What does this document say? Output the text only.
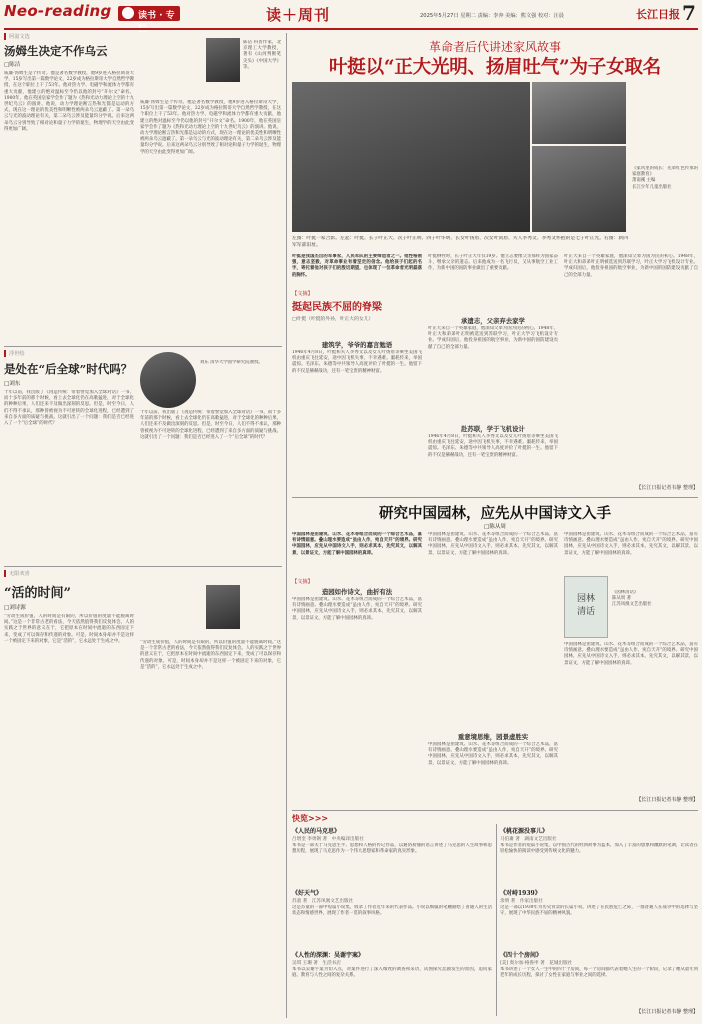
Neo-reading	读书 · 专	读＋周刊	2025年5月27日 星期二 责编：李奔 美编：熊文强 校对：汪晨	长江日报 7
阿滋文选
汤姆生决定不作乌云
□陈洁
威廉·汤姆生是个传奇。他是著名数学教授，他9岁进入格拉斯哥大学，15岁写出第一篇数学论文，22岁成为格拉斯哥大学自然哲学教授，在这个职位上干了53年。他对热力学、电磁学和流体力学都有重大贡献，他建立的绝对温标至今仍以他的封号“开尔文”命名。1900年，他在英国皇家学会作了题为《热和光动力理论上空的十九世纪乌云》的演讲。他说，动力学理论断言热和光都是运动的方式，现在这一理论的优美性和明晰性被两朵乌云遮蔽了。第一朵乌云与光的波动理论有关，第二朵乌云涉及能量均分学说。后来这两朵乌云分别导致了相对论和量子力学的诞生，物理学的天空由此变得更加广阔。
陈洁 科普作家，北京理工大学教授，著有《山河判断笔尖头》《中国大学》等。
威廉·汤姆生是个传奇。他是著名数学教授，他9岁进入格拉斯哥大学，15岁写出第一篇数学论文，22岁成为格拉斯哥大学自然哲学教授，在这个职位上干了53年。他对热力学、电磁学和流体力学都有重大贡献，他建立的绝对温标至今仍以他的封号“开尔文”命名。1900年，他在英国皇家学会作了题为《热和光动力理论上空的十九世纪乌云》的演讲。他说，动力学理论断言热和光都是运动的方式，现在这一理论的优美性和明晰性被两朵乌云遮蔽了。第一朵乌云与光的波动理论有关，第二朵乌云涉及能量均分学说。后来这两朵乌云分别导致了相对论和量子力学的诞生，物理学的天空由此变得更加广阔。
浮世绘
是处在“后全球”时代吗？
□刘东
十年以前，我出版了《再造传统：带着警觉加入全球对话》一书，而十多年前的那个时候，看上去全球化仍在高歌猛进，对于全球化的种种后果，人们还来不及做出深刻的反思。但是，时至今日，人们不得不承认，那种曾被视为不可逆转的全球化进程，已经遭到了来自多方面的质疑与挑战。这就引出了一个问题：我们是否已经进入了一个“后全球”的时代？
刘东 清华大学国学研究院教授。
十年以前，我出版了《再造传统：带着警觉加入全球对话》一书，而十多年前的那个时候，看上去全球化仍在高歌猛进，对于全球化的种种后果，人们还来不及做出深刻的反思。但是，时至今日，人们不得不承认，那种曾被视为不可逆转的全球化进程，已经遭到了来自多方面的质疑与挑战。这就引出了一个问题：我们是否已经进入了一个“后全球”的时代？
无限欢喜
“活的时间”
□刘诗源
“劳动生成价值，人的时间是有限的，所以价值的度量不能脱离时间。”这是一个非常古老的看法，今天依然值得我们反复体会。人的实践之于世界的意义在于，它把原本在时间中流逝的东西固定下来，变成了可以保存和传递的对象。可是，时间本身却并不是这样一个被固定下来的对象，它是“活的”，它永远处于生成之中。	“劳动生成价值，人的时间是有限的，所以价值的度量不能脱离时间。”这是一个非常古老的看法，今天依然值得我们反复体会。人的实践之于世界的意义在于，它把原本在时间中流逝的东西固定下来，变成了可以保存和传递的对象。可是，时间本身却并不是这样一个被固定下来的对象，它是“活的”，它永远处于生成之中。
革命者后代讲述家风故事
叶挺以“正大光明、扬眉吐气”为子女取名
《家风里的成长：先辈红色传承的家庭教育》
萧南溪 主编
长江少年儿童出版社
左图：叶挺一家合影。左起：叶挺、长子叶正大、次子叶正明、四子叶华明、长女叶扬眉、次女叶剑眉、夫人李秀文、李秀文怀抱的是七子叶正光。右图：新四军军部旧址。
叶挺是我国杰出的军事家，人民军队的主要缔造者之一。他性格刚强，意志坚毅，对革命事业有着坚定的信念。他给孩子们起的名字，寄托着他对孩子们的殷切期望，也体现了一位革命者光明磊落的胸怀。
【文摘】
挺起民族不屈的脊梁
□叶挺（叶挺的外孙，叶正大的女儿）
建筑学，爷爷的嘉言勉语
1946年4月8日，叶挺和夫人李秀文以及女儿叶扬眉等乘坐美国飞机由重庆飞往延安，途中因飞机失事，不幸遇难。噩耗传来，举国震惊。毛泽东、朱德等中共领导人高度评价了叶挺的一生。他留下的不仅是赫赫战功，还有一笔宝贵的精神财富。
叶挺牺牲时，长子叶正大年仅19岁。他立志要像父亲那样为国家奋斗，继承父亲的遗志。后来他成为一名飞行员，又从事航空工业工作，为新中国的国防事业做出了重要贡献。
承遗志，父亲弃去家学
叶正大来自一个英雄家庭，他深知父辈为国为民的初心。1948年，叶正大和弟弟叶正明被选送到苏联学习，叶正大学习飞机设计专业。学成归国后，他投身祖国的航空事业，为新中国的国防建设贡献了自己的全部力量。
赴苏联，学于飞机设计
1946年4月8日，叶挺和夫人李秀文以及女儿叶扬眉等乘坐美国飞机由重庆飞往延安，途中因飞机失事，不幸遇难。噩耗传来，举国震惊。毛泽东、朱德等中共领导人高度评价了叶挺的一生。他留下的不仅是赫赫战功，还有一笔宝贵的精神财富。
叶正大来自一个英雄家庭，他深知父辈为国为民的初心。1948年，叶正大和弟弟叶正明被选送到苏联学习，叶正大学习飞机设计专业。学成归国后，他投身祖国的航空事业，为新中国的国防建设贡献了自己的全部力量。
【长江日报记者韦静 整理】
研究中国园林，应先从中国诗文入手
□陈从周
中国园林是由建筑、山水、花木等组合而成的一个综合艺术品，富有诗情画意。叠山理水要造成“虽由人作，宛自天开”的境界。研究中国园林，应先从中国诗文入手，则必求其本，先究其文，以解其景，以景证文，方能了解中国园林的真谛。
【文摘】
造园如作诗文，曲折有法
中国园林是由建筑、山水、花木等组合而成的一个综合艺术品，富有诗情画意。叠山理水要造成“虽由人作，宛自天开”的境界。研究中国园林，应先从中国诗文入手，则必求其本，先究其文，以解其景，以景证文，方能了解中国园林的真谛。
中国园林是由建筑、山水、花木等组合而成的一个综合艺术品，富有诗情画意。叠山理水要造成“虽由人作，宛自天开”的境界。研究中国园林，应先从中国诗文入手，则必求其本，先究其文，以解其景，以景证文，方能了解中国园林的真谛。
重意境思维，园景虚胜实
中国园林是由建筑、山水、花木等组合而成的一个综合艺术品，富有诗情画意。叠山理水要造成“虽由人作，宛自天开”的境界。研究中国园林，应先从中国诗文入手，则必求其本，先究其文，以解其景，以景证文，方能了解中国园林的真谛。
中国园林是由建筑、山水、花木等组合而成的一个综合艺术品，富有诗情画意。叠山理水要造成“虽由人作，宛自天开”的境界。研究中国园林，应先从中国诗文入手，则必求其本，先究其文，以解其景，以景证文，方能了解中国园林的真谛。
园林
清话
《园林清话》
陈从周 著
江苏凤凰文艺出版社
中国园林是由建筑、山水、花木等组合而成的一个综合艺术品，富有诗情画意。叠山理水要造成“虽由人作，宛自天开”的境界。研究中国园林，应先从中国诗文入手，则必求其本，先究其文，以解其景，以景证文，方能了解中国园林的真谛。
【长江日报记者韦静 整理】
快览>>>
《人民的马克思》
吕增奎 李勇钢 著　中央编译出版社
本书是一部关于马克思生平、思想和人格的传记作品，以通俗易懂的语言讲述了马克思的人生故事和思想历程，展现了马克思作为一个伟大思想家和革命家的真实形象。
《好天气》
苏童 著　江苏凤凰文艺出版社
这是苏童的一部中短篇小说集，收录了作者近年来的代表作品。小说以细腻的笔触描绘了普通人的生活状态和情感世界，展现了作者一贯的叙事风格。
《人性的深渊：吴谢宇案》
吴琪 王珊 著　生活书店
本书以吴谢宇案为切入点，对案件进行了深入细致的调查和采访，试图探究悲剧发生的原因，追问家庭、教育与人性之间的复杂关系。
《桃花源没事儿》
马伯庸 著　湖南文艺出版社
本书是作者的短篇小说集，以中国古代的经典故事为蓝本，加入了丰富的想象和幽默的笔调，让读者在轻松愉快的阅读中感受到传统文化的魅力。
《对峙1939》
余明 著　作家出版社
这是一部以1939年为历史背景的长篇小说，讲述了在民族危亡之际，一群普通人在战争中的选择与坚守，展现了中华民族不屈的精神风貌。
《四十个房间》
[美] 奥尔加·格鲁申 著　花城出版社
本书讲述了一个女人一生中的四十个房间，每一个房间都代表着她人生的一个阶段，记录了她从童年到老年的成长历程，探讨了女性在家庭与事业之间的选择。
【长江日报记者韦静 整理】
